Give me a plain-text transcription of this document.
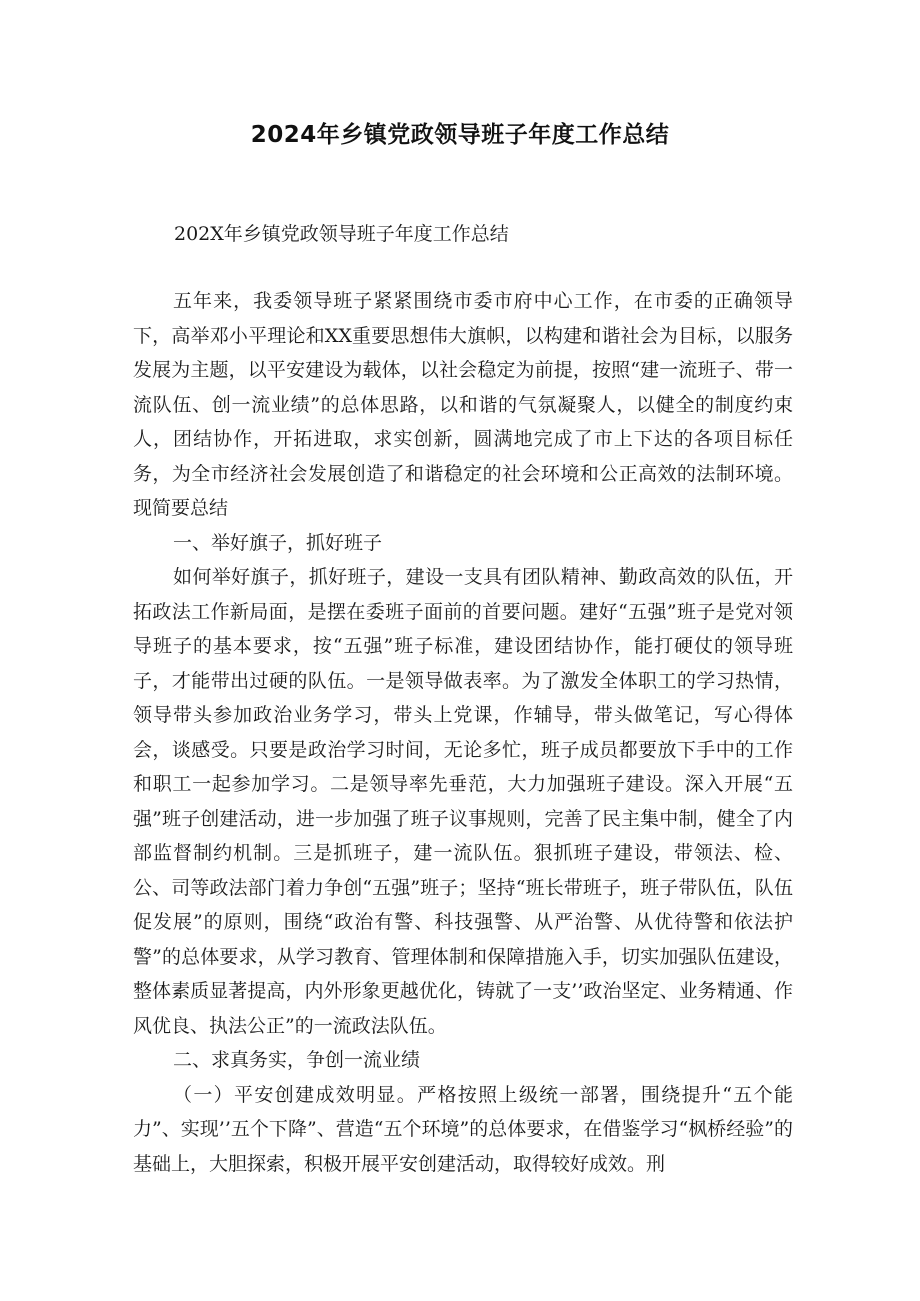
2024年乡镇党政领导班子年度工作总结
202X年乡镇党政领导班子年度工作总结

五年来，我委领导班子紧紧围绕市委市府中心工作，在市委的正确领导下，高举邓小平理论和XX重要思想伟大旗帜，以构建和谐社会为目标，以服务发展为主题，以平安建设为载体，以社会稳定为前提，按照“建一流班子、带一流队伍、创一流业绩”的总体思路，以和谐的气氛凝聚人，以健全的制度约束人，团结协作，开拓进取，求实创新，圆满地完成了市上下达的各项目标任务，为全市经济社会发展创造了和谐稳定的社会环境和公正高效的法制环境。现简要总结

一、举好旗子，抓好班子

如何举好旗子，抓好班子，建设一支具有团队精神、勤政高效的队伍，开拓政法工作新局面，是摆在委班子面前的首要问题。建好“五强”班子是党对领导班子的基本要求，按“五强”班子标准，建设团结协作，能打硬仗的领导班子，才能带出过硬的队伍。一是领导做表率。为了激发全体职工的学习热情，领导带头参加政治业务学习，带头上党课，作辅导，带头做笔记，写心得体会，谈感受。只要是政治学习时间，无论多忙，班子成员都要放下手中的工作和职工一起参加学习。二是领导率先垂范，大力加强班子建设。深入开展“五强”班子创建活动，进一步加强了班子议事规则，完善了民主集中制，健全了内部监督制约机制。三是抓班子，建一流队伍。狠抓班子建设，带领法、检、公、司等政法部门着力争创“五强”班子；坚持“班长带班子，班子带队伍，队伍促发展”的原则，围绕“政治有警、科技强警、从严治警、从优待警和依法护警”的总体要求，从学习教育、管理体制和保障措施入手，切实加强队伍建设，整体素质显著提高，内外形象更越优化，铸就了一支’’政治坚定、业务精通、作风优良、执法公正”的一流政法队伍。

二、求真务实，争创一流业绩

（一）平安创建成效明显。严格按照上级统一部署，围绕提升“五个能力”、实现’’五个下降”、营造“五个环境”的总体要求，在借鉴学习“枫桥经验”的基础上，大胆探索，积极开展平安创建活动，取得较好成效。刑
